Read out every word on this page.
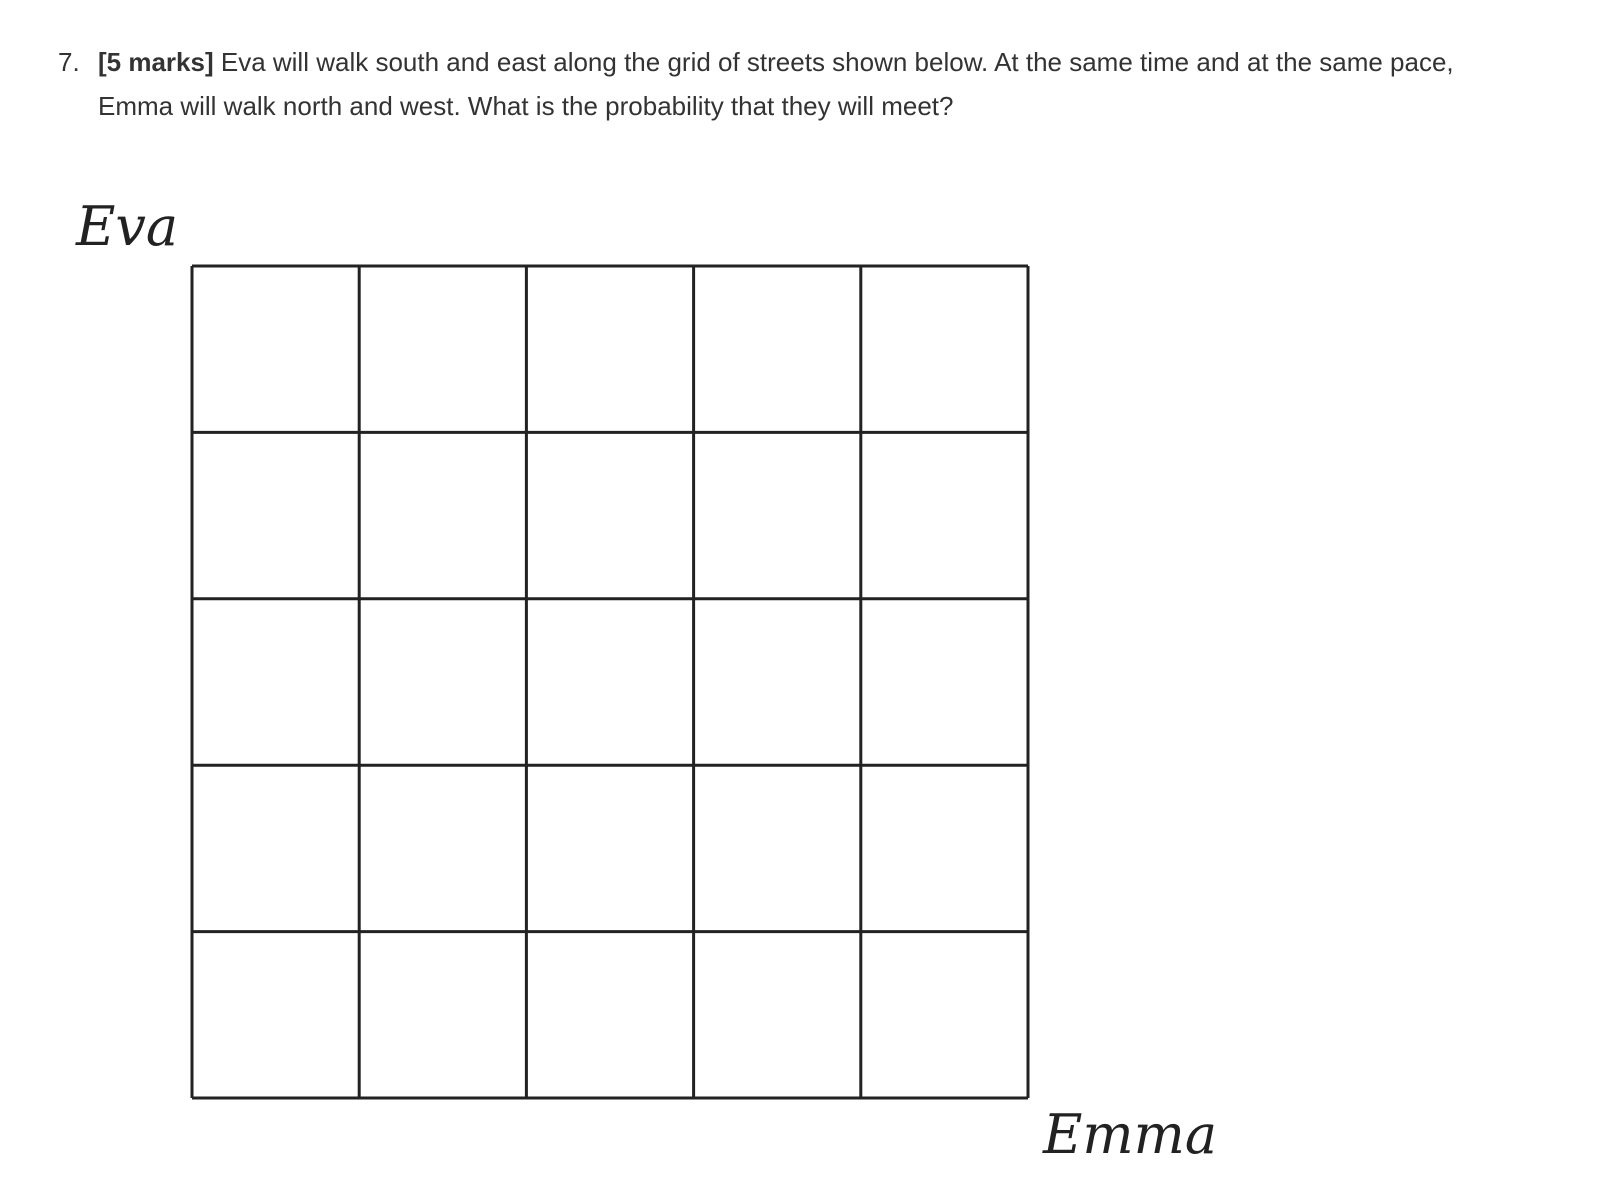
7. [5 marks] Eva will walk south and east along the grid of streets shown below. At the same time and at the same pace,
Emma will walk north and west. What is the probability that they will meet?
Eva
Emma
